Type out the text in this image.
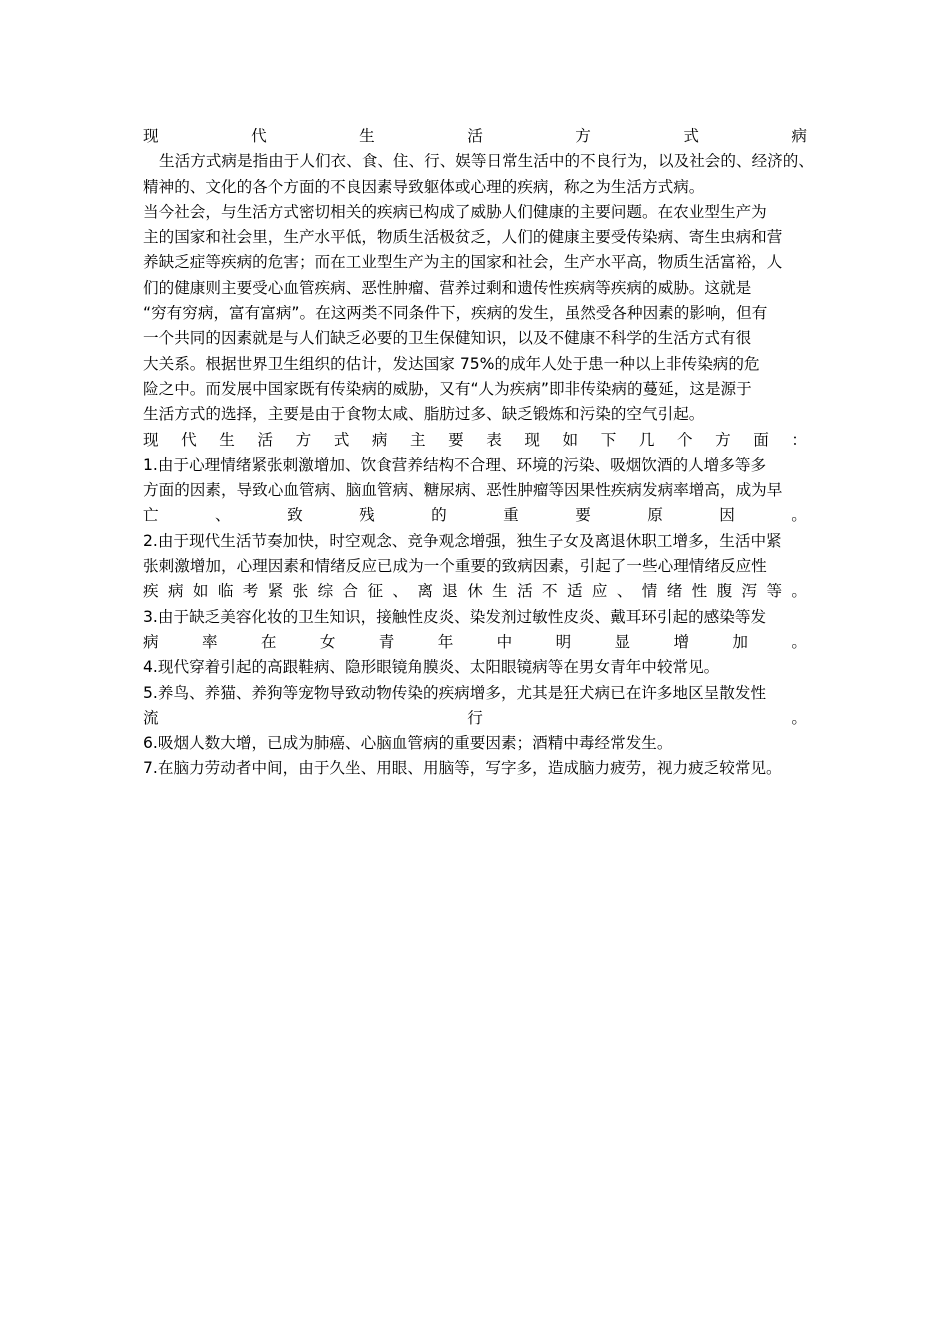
现	代	生	活	方	式	病
生活方式病是指由于人们衣、食、住、行、娱等日常生活中的不良行为，以及社会的、经济的、
精神的、文化的各个方面的不良因素导致躯体或心理的疾病，称之为生活方式病。
当今社会，与生活方式密切相关的疾病已构成了威胁人们健康的主要问题。在农业型生产为
主的国家和社会里，生产水平低，物质生活极贫乏，人们的健康主要受传染病、寄生虫病和营
养缺乏症等疾病的危害；而在工业型生产为主的国家和社会，生产水平高，物质生活富裕，人
们的健康则主要受心血管疾病、恶性肿瘤、营养过剩和遗传性疾病等疾病的威胁。这就是
“穷有穷病，富有富病”。在这两类不同条件下，疾病的发生，虽然受各种因素的影响，但有
一个共同的因素就是与人们缺乏必要的卫生保健知识，以及不健康不科学的生活方式有很
大关系。根据世界卫生组织的估计，发达国家 75%的成年人处于患一种以上非传染病的危
险之中。而发展中国家既有传染病的威胁，又有“人为疾病”即非传染病的蔓延，这是源于
生活方式的选择，主要是由于食物太咸、脂肪过多、缺乏锻炼和污染的空气引起。
现 代 生 活 方 式 病 主 要 表 现 如 下 几 个 方 面 ：
1.由于心理情绪紧张刺激增加、饮食营养结构不合理、环境的污染、吸烟饮酒的人增多等多
方面的因素，导致心血管病、脑血管病、糖尿病、恶性肿瘤等因果性疾病发病率增高，成为早
亡	、	致	残	的	重	要	原	因	。
2.由于现代生活节奏加快，时空观念、竞争观念增强，独生子女及离退休职工增多，生活中紧
张刺激增加，心理因素和情绪反应已成为一个重要的致病因素，引起了一些心理情绪反应性
疾 病 如 临 考 紧 张 综 合 征 、 离 退 休 生 活 不 适 应 、 情 绪 性 腹 泻 等 。
3.由于缺乏美容化妆的卫生知识，接触性皮炎、染发剂过敏性皮炎、戴耳环引起的感染等发
病	率	在	女	青	年	中	明	显	增	加	。
4.现代穿着引起的高跟鞋病、隐形眼镜角膜炎、太阳眼镜病等在男女青年中较常见。
5.养鸟、养猫、养狗等宠物导致动物传染的疾病增多，尤其是狂犬病已在许多地区呈散发性
流	行	。
6.吸烟人数大增，已成为肺癌、心脑血管病的重要因素；酒精中毒经常发生。
7.在脑力劳动者中间，由于久坐、用眼、用脑等，写字多，造成脑力疲劳，视力疲乏较常见。
